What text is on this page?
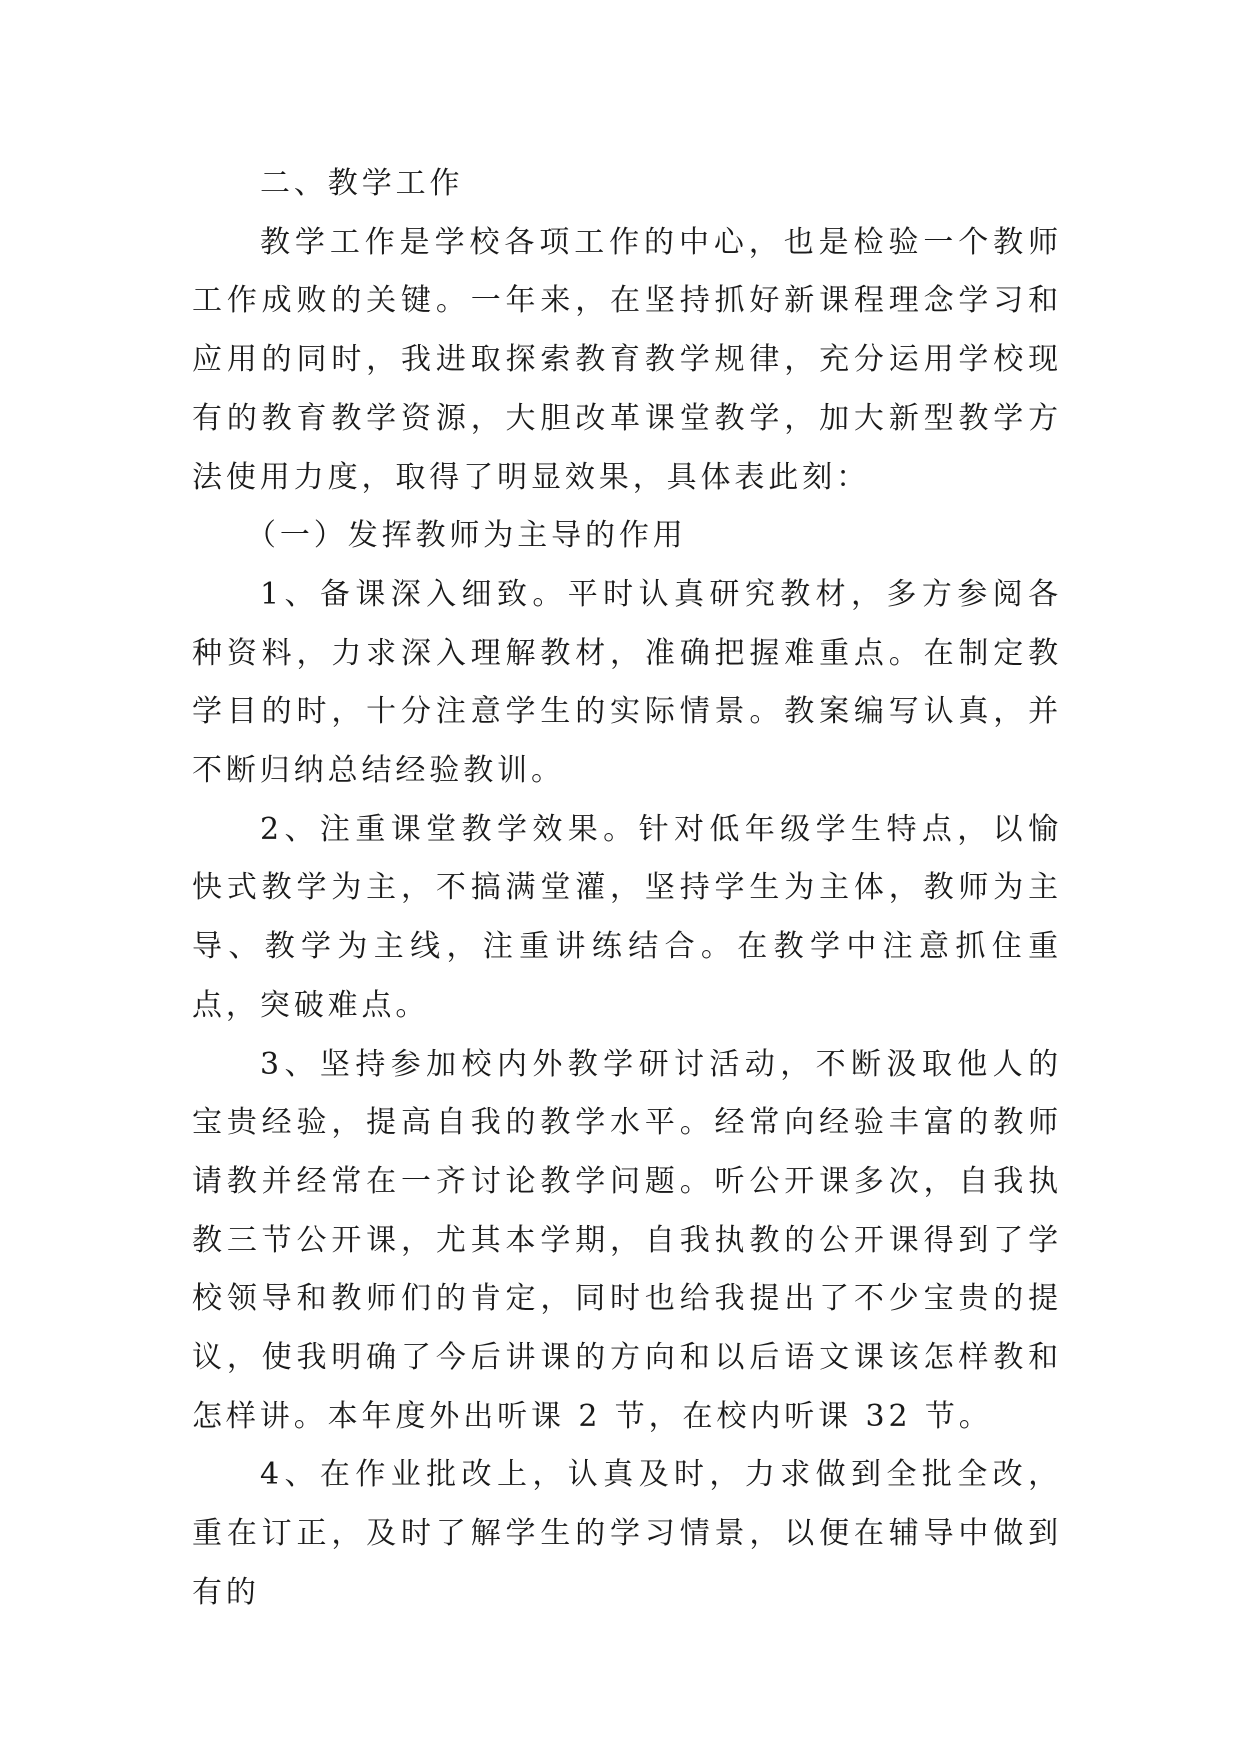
二、教学工作

教学工作是学校各项工作的中心，也是检验一个教师工作成败的关键。一年来，在坚持抓好新课程理念学习和应用的同时，我进取探索教育教学规律，充分运用学校现有的教育教学资源，大胆改革课堂教学，加大新型教学方法使用力度，取得了明显效果，具体表此刻：

（一）发挥教师为主导的作用

1、备课深入细致。平时认真研究教材，多方参阅各种资料，力求深入理解教材，准确把握难重点。在制定教学目的时，十分注意学生的实际情景。教案编写认真，并不断归纳总结经验教训。

2、注重课堂教学效果。针对低年级学生特点，以愉快式教学为主，不搞满堂灌，坚持学生为主体，教师为主导、教学为主线，注重讲练结合。在教学中注意抓住重点，突破难点。

3、坚持参加校内外教学研讨活动，不断汲取他人的宝贵经验，提高自我的教学水平。经常向经验丰富的教师请教并经常在一齐讨论教学问题。听公开课多次，自我执教三节公开课，尤其本学期，自我执教的公开课得到了学校领导和教师们的肯定，同时也给我提出了不少宝贵的提议，使我明确了今后讲课的方向和以后语文课该怎样教和怎样讲。本年度外出听课 2 节，在校内听课 32 节。

4、在作业批改上，认真及时，力求做到全批全改，重在订正，及时了解学生的学习情景，以便在辅导中做到有的
